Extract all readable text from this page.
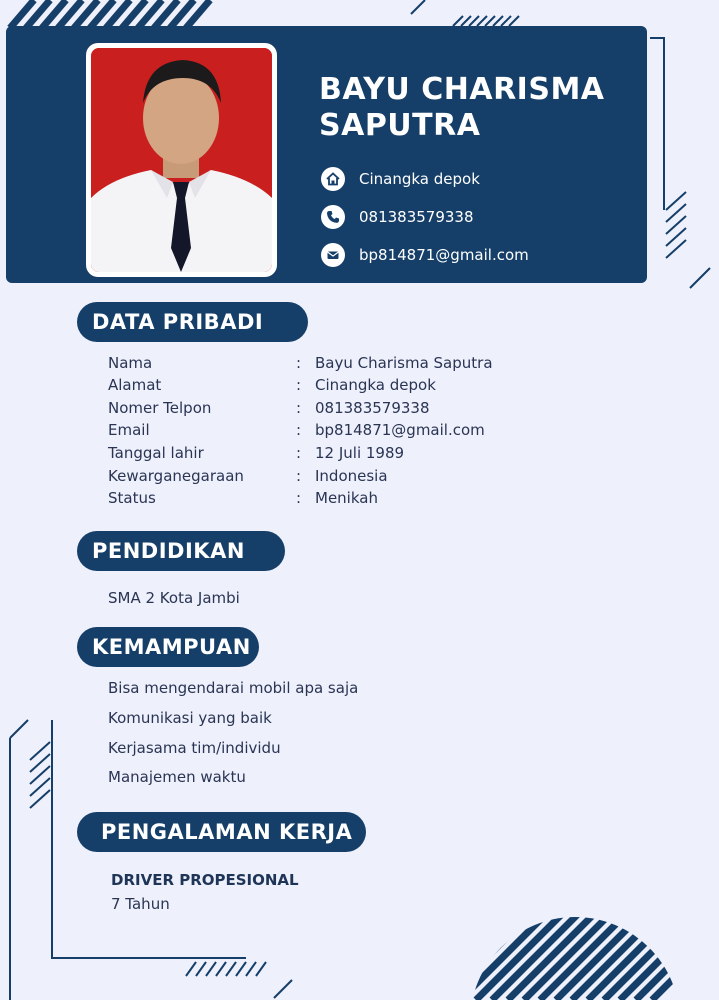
BAYU CHARISMA
SAPUTRA
Cinangka depok
081383579338
bp814871@gmail.com
DATA PRIBADI
Nama	: Bayu Charisma Saputra
Alamat	: Cinangka depok
Nomer Telpon	: 081383579338
Email	: bp814871@gmail.com
Tanggal lahir	: 12 Juli 1989
Kewarganegaraan	: Indonesia
Status	: Menikah
PENDIDIKAN
SMA 2 Kota Jambi
KEMAMPUAN
Bisa mengendarai mobil apa saja
Komunikasi yang baik
Kerjasama tim/individu
Manajemen waktu
PENGALAMAN KERJA
DRIVER PROPESIONAL
7 Tahun
